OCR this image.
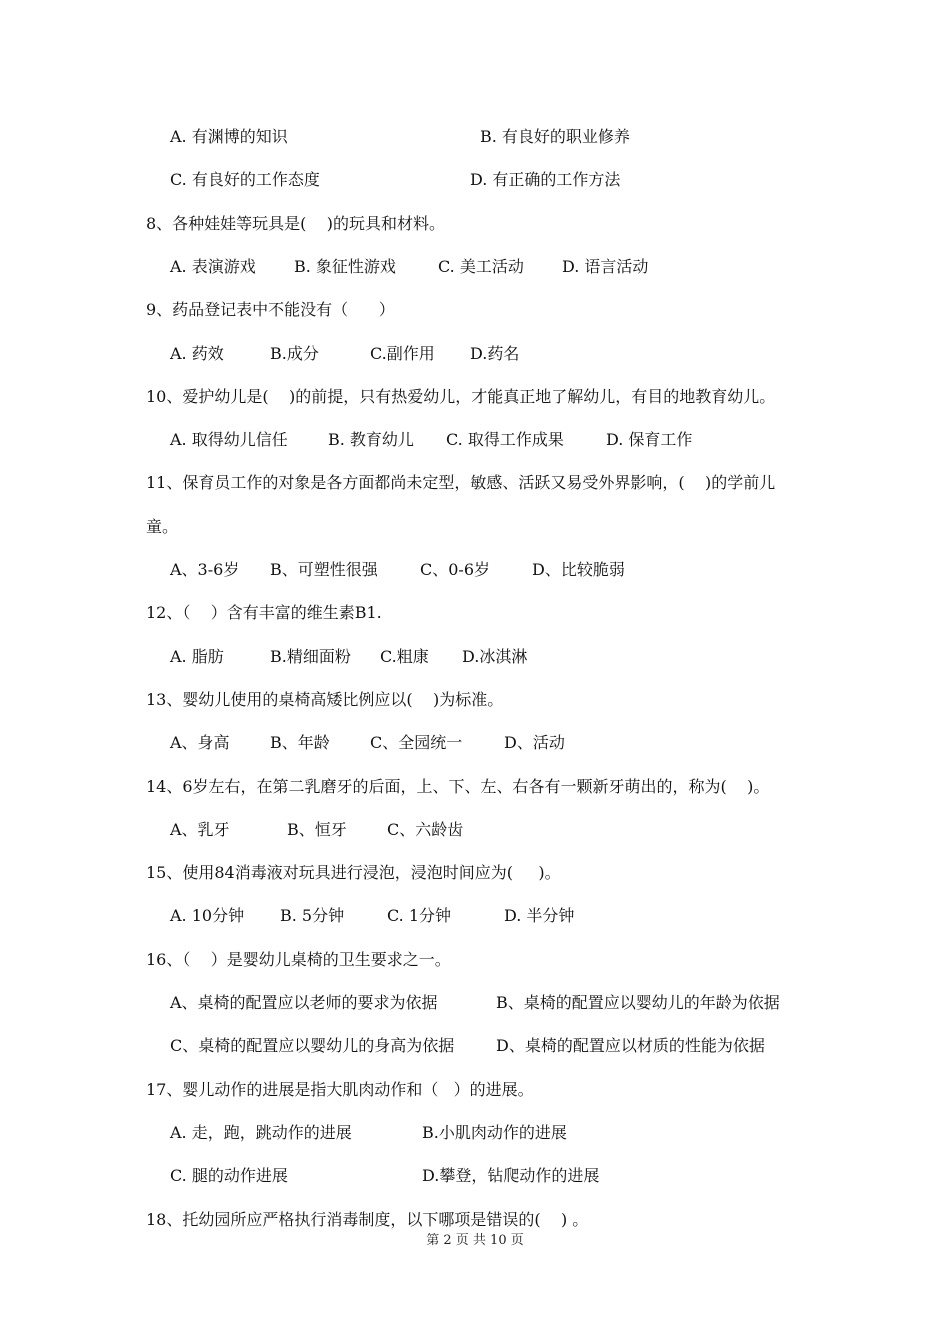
A. 有渊博的知识	B. 有良好的职业修养
C. 有良好的工作态度	D. 有正确的工作方法
8、各种娃娃等玩具是(    )的玩具和材料。
A. 表演游戏 B. 象征性游戏	C. 美工活动 D. 语言活动
9、药品登记表中不能没有（      ）
A. 药效	B.成分	C.副作用 D.药名
10、爱护幼儿是(    )的前提，只有热爱幼儿，才能真正地了解幼儿，有目的地教育幼儿。
A. 取得幼儿信任	B. 教育幼儿 C. 取得工作成果	D. 保育工作
11、保育员工作的对象是各方面都尚未定型，敏感、活跃又易受外界影响，(    )的学前儿
童。
A、3-6岁 B、可塑性很强	C、0-6岁	D、比较脆弱
12、（    ）含有丰富的维生素B1.
A. 脂肪	B.精细面粉 C.粗康 D.冰淇淋
13、婴幼儿使用的桌椅高矮比例应以(    )为标准。
A、身高	B、年龄	C、全园统一	D、活动
14、6岁左右，在第二乳磨牙的后面，上、下、左、右各有一颗新牙萌出的，称为(    )。
A、乳牙	B、恒牙	C、六龄齿
15、使用84消毒液对玩具进行浸泡，浸泡时间应为(     )。
A. 10分钟 B. 5分钟	C. 1分钟	D. 半分钟
16、（    ）是婴幼儿桌椅的卫生要求之一。
A、桌椅的配置应以老师的要求为依据	B、桌椅的配置应以婴幼儿的年龄为依据
C、桌椅的配置应以婴幼儿的身高为依据	D、桌椅的配置应以材质的性能为依据
17、婴儿动作的进展是指大肌肉动作和（   ）的进展。
A. 走，跑，跳动作的进展	B.小肌肉动作的进展
C. 腿的动作进展	D.攀登，钻爬动作的进展
18、托幼园所应严格执行消毒制度，以下哪项是错误的(    ) 。
第 2 页 共 10 页
